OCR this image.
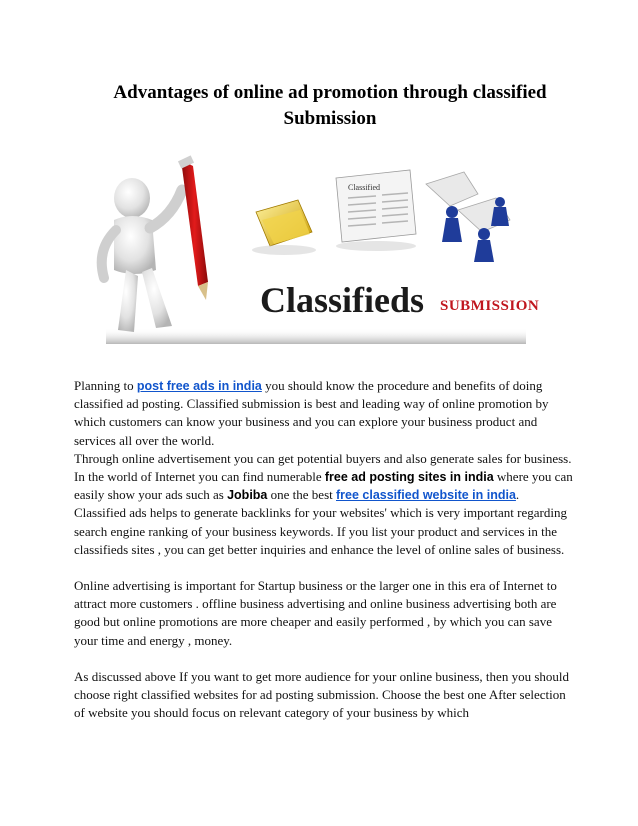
Advantages of online ad promotion through classified
Submission
Classified
Classifieds SUBMISSION

Planning to post free ads in india you should know the procedure and benefits of doing classified ad posting. Classified submission is best and leading way of online promotion by which customers can know your business and you can explore your business product and services all over the world.

Through online advertisement you can get potential buyers and also generate sales for business. In the world of Internet you can find numerable free ad posting sites in india where you can easily show your ads such as Jobiba one the best free classified website in india. Classified ads helps to generate backlinks for your websites' which is very important regarding search engine ranking of your business keywords. If you list your product and services in the classifieds sites , you can get better inquiries and enhance the level of online sales of business.

Online advertising is important for Startup business or the larger one in this era of Internet to attract more customers . offline business advertising and online business advertising both are good but online promotions are more cheaper and easily performed , by which you can save your time and energy , money.

As discussed above If you want to get more audience for your online business, then you should choose right classified websites for ad posting submission. Choose the best one After selection of website you should focus on relevant category of your business by which
